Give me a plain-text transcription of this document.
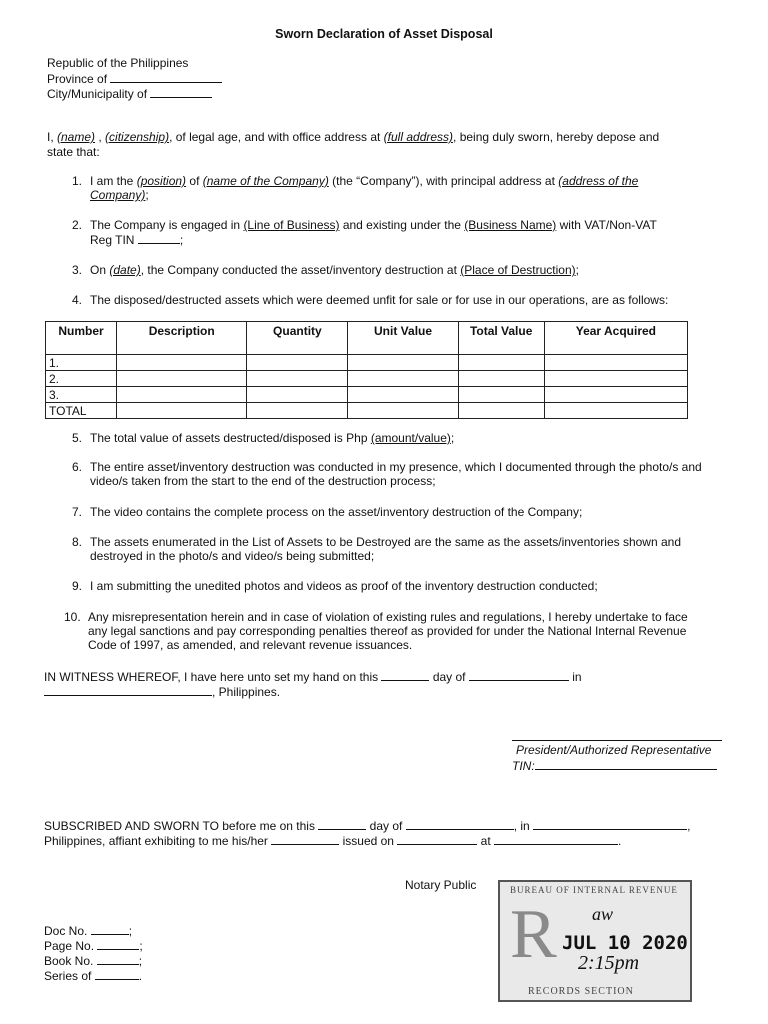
Sworn Declaration of Asset Disposal
Republic of the Philippines
Province of
City/Municipality of
I, (name) , (citizenship), of legal age, and with office address at (full address), being duly sworn, hereby depose and
state that:
1. I am the (position) of (name of the Company) (the “Company”), with principal address at (address of the
Company);
2. The Company is engaged in (Line of Business) and existing under the (Business Name) with VAT/Non-VAT
Reg TIN	;
3. On (date), the Company conducted the asset/inventory destruction at (Place of Destruction);
4. The disposed/destructed assets which were deemed unfit for sale or for use in our operations, are as follows:
Number	Description	Quantity	Unit Value	Total Value	Year Acquired
1.					
2.					
3.					
TOTAL					
5. The total value of assets destructed/disposed is Php (amount/value);
6. The entire asset/inventory destruction was conducted in my presence, which I documented through the photo/s and
video/s taken from the start to the end of the destruction process;
7. The video contains the complete process on the asset/inventory destruction of the Company;
8. The assets enumerated in the List of Assets to be Destroyed are the same as the assets/inventories shown and
destroyed in the photo/s and video/s being submitted;
9. I am submitting the unedited photos and videos as proof of the inventory destruction conducted;
10. Any misrepresentation herein and in case of violation of existing rules and regulations, I hereby undertake to face
any legal sanctions and pay corresponding penalties thereof as provided for under the National Internal Revenue
Code of 1997, as amended, and relevant revenue issuances.
IN WITNESS WHEREOF, I have here unto set my hand on this	day of	in
, Philippines.
President/Authorized Representative
TIN:
SUBSCRIBED AND SWORN TO before me on this	day of	, in	,
Philippines, affiant exhibiting to me his/her	issued on	at	.
Notary Public
Doc No.	;
Page No.	;
Book No.	;
Series of	.
BUREAU OF INTERNAL REVENUE
R aw
JUL 10 2020
2:15pm
RECORDS SECTION
